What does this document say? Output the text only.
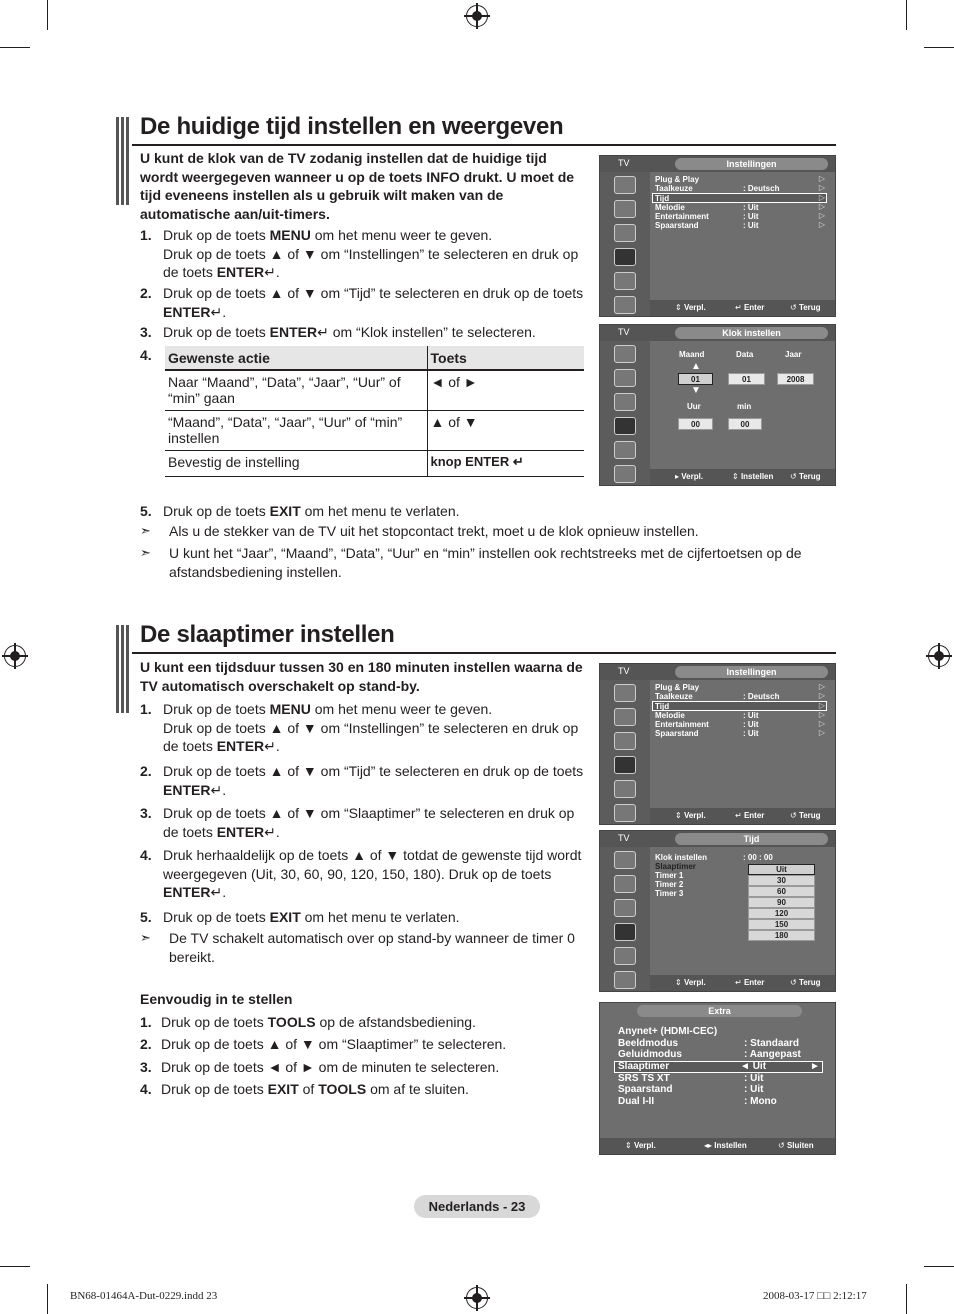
De huidige tijd instellen en weergeven
U kunt de klok van de TV zodanig instellen dat de huidige tijd wordt weergegeven wanneer u op de toets INFO drukt. U moet de tijd eveneens instellen als u gebruik wilt maken van de automatische aan/uit-timers.
1. Druk op de toets MENU om het menu weer te geven.
Druk op de toets ▲ of ▼ om “Instellingen” te selecteren en druk op de toets ENTER↵.
2. Druk op de toets ▲ of ▼ om “Tijd” te selecteren en druk op de toets ENTER↵.
3. Druk op de toets ENTER↵ om “Klok instellen” te selecteren.
4. Gewenste actie	Toets
Naar “Maand”, “Data”, “Jaar”, “Uur” of “min” gaan	◄ of ►
“Maand”, “Data”, “Jaar”, “Uur” of “min” instellen	▲ of ▼
Bevestig de instelling	knop ENTER ↵
5. Druk op de toets EXIT om het menu te verlaten.
➣ Als u de stekker van de TV uit het stopcontact trekt, moet u de klok opnieuw instellen.
➣ U kunt het “Jaar”, “Maand”, “Data”, “Uur” en “min” instellen ook rechtstreeks met de cijfertoetsen op de afstandsbediening instellen.
De slaaptimer instellen
U kunt een tijdsduur tussen 30 en 180 minuten instellen waarna de TV automatisch overschakelt op stand-by.
1. Druk op de toets MENU om het menu weer te geven.
Druk op de toets ▲ of ▼ om “Instellingen” te selecteren en druk op de toets ENTER↵.
2. Druk op de toets ▲ of ▼ om “Tijd” te selecteren en druk op de toets ENTER↵.
3. Druk op de toets ▲ of ▼ om “Slaaptimer” te selecteren en druk op de toets ENTER↵.
4. Druk herhaaldelijk op de toets ▲ of ▼ totdat de gewenste tijd wordt weergegeven (Uit, 30, 60, 90, 120, 150, 180). Druk op de toets ENTER↵.
5. Druk op de toets EXIT om het menu te verlaten.
➣ De TV schakelt automatisch over op stand-by wanneer de timer 0 bereikt.
Eenvoudig in te stellen
1. Druk op de toets TOOLS op de afstandsbediening.
2. Druk op de toets ▲ of ▼ om “Slaaptimer” te selecteren.
3. Druk op de toets ◄ of ► om de minuten te selecteren.
4. Druk op de toets EXIT of TOOLS om af te sluiten.
TV	Instellingen
Plug & Play
Taalkeuze	: Deutsch
Tijd
Melodie	: Uit
Entertainment	: Uit
Spaarstand	: Uit
▷
▷
▷
▷
▷
▷
⇕ Verpl.	↵ Enter	↺ Terug
TV	Klok instellen
Maand	Data	Jaar
▲
01	01	2008
▼
Uur	min
00	00
▸ Verpl.	⇕ Instellen ↺ Terug
TV	Instellingen
Plug & Play
Taalkeuze	: Deutsch
Tijd
Melodie	: Uit
Entertainment	: Uit
Spaarstand	: Uit
▷
▷
▷
▷
▷
▷
⇕ Verpl.	↵ Enter	↺ Terug
TV	Tijd
Klok instellen	: 00 : 00
Slaaptimer
Timer 1
Timer 2
Timer 3
Uit
30
60
90
120
150
180
⇕ Verpl.	↵ Enter	↺ Terug
Extra
Anynet+ (HDMI-CEC)
Beeldmodus	: Standaard
Geluidmodus	: Aangepast
Slaaptimer	◄ Uit	►
SRS TS XT	: Uit
Spaarstand	: Uit
Dual I-II	: Mono
⇕ Verpl.	◂▸ Instellen	↺ Sluiten
Nederlands - 23
BN68-01464A-Dut-0229.indd 23	2008-03-17 □□ 2:12:17
